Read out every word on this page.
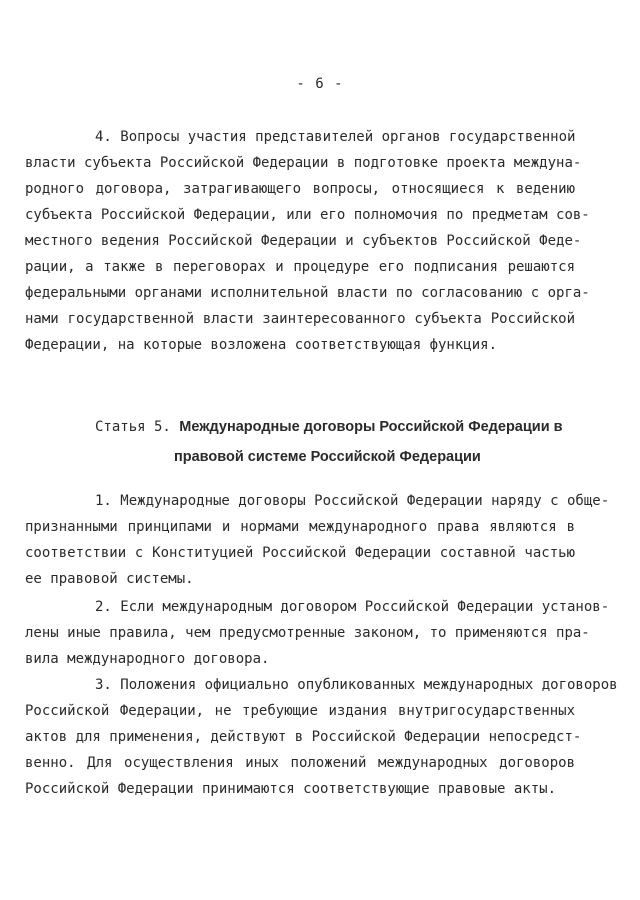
- 6 -
4. Вопросы участия представителей органов государственной
власти субъекта Российской Федерации в подготовке проекта междуна-
родного договора, затрагивающего вопросы, относящиеся к ведению
субъекта Российской Федерации, или его полномочия по предметам сов-
местного ведения Российской Федерации и субъектов Российской Феде-
рации, а также в переговорах и процедуре его подписания решаются
федеральными органами исполнительной власти по согласованию с орга-
нами государственной власти заинтересованного субъекта Российской
Федерации, на которые возложена соответствующая функция.
Статья 5. Международные договоры Российской Федерации в
правовой системе Российской Федерации
1. Международные договоры Российской Федерации наряду с обще-
признанными принципами и нормами международного права являются в
соответствии с Конституцией Российской Федерации составной частью
ее правовой системы.
2. Если международным договором Российской Федерации установ-
лены иные правила, чем предусмотренные законом, то применяются пра-
вила международного договора.
3. Положения официально опубликованных международных договоров
Российской Федерации, не требующие издания внутригосударственных
актов для применения, действуют в Российской Федерации непосредст-
венно. Для осуществления иных положений международных договоров
Российской Федерации принимаются соответствующие правовые акты.
